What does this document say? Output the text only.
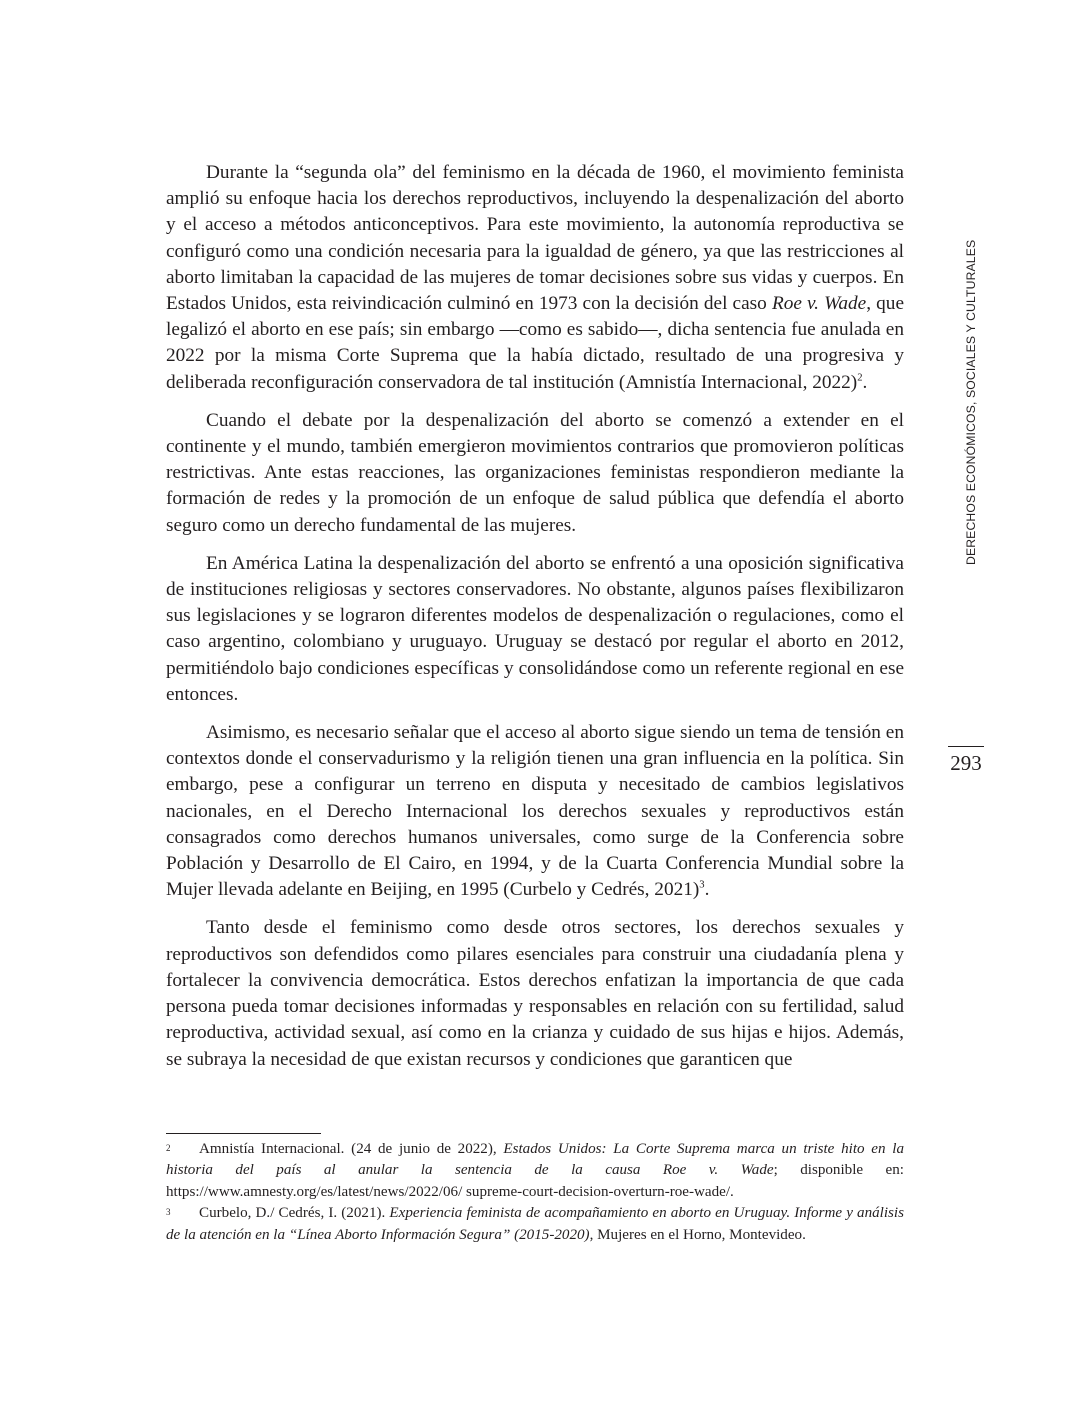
Durante la “segunda ola” del feminismo en la década de 1960, el movimiento feminista amplió su enfoque hacia los derechos reproductivos, incluyendo la despenalización del aborto y el acceso a métodos anticonceptivos. Para este movimiento, la autonomía reproductiva se configuró como una condición necesaria para la igualdad de género, ya que las restricciones al aborto limitaban la capacidad de las mujeres de tomar decisiones sobre sus vidas y cuerpos. En Estados Unidos, esta reivindicación culminó en 1973 con la decisión del caso Roe v. Wade, que legalizó el aborto en ese país; sin embargo —como es sabido—, dicha sentencia fue anulada en 2022 por la misma Corte Suprema que la había dictado, resultado de una progresiva y deliberada reconfiguración conservadora de tal institución (Amnistía Internacional, 2022)$^2$.

Cuando el debate por la despenalización del aborto se comenzó a extender en el continente y el mundo, también emergieron movimientos contrarios que promovieron políticas restrictivas. Ante estas reacciones, las organizaciones feministas respondieron mediante la formación de redes y la promoción de un enfoque de salud pública que defendía el aborto seguro como un derecho fundamental de las mujeres.

En América Latina la despenalización del aborto se enfrentó a una oposición significativa de instituciones religiosas y sectores conservadores. No obstante, algunos países flexibilizaron sus legislaciones y se lograron diferentes modelos de despenalización o regulaciones, como el caso argentino, colombiano y uruguayo. Uruguay se destacó por regular el aborto en 2012, permitiéndolo bajo condiciones específicas y consolidándose como un referente regional en ese entonces.

Asimismo, es necesario señalar que el acceso al aborto sigue siendo un tema de tensión en contextos donde el conservadurismo y la religión tienen una gran influencia en la política. Sin embargo, pese a configurar un terreno en disputa y necesitado de cambios legislativos nacionales, en el Derecho Internacional los derechos sexuales y reproductivos están consagrados como derechos humanos universales, como surge de la Conferencia sobre Población y Desarrollo de El Cairo, en 1994, y de la Cuarta Conferencia Mundial sobre la Mujer llevada adelante en Beijing, en 1995 (Curbelo y Cedrés, 2021)$^3$.

Tanto desde el feminismo como desde otros sectores, los derechos sexuales y reproductivos son defendidos como pilares esenciales para construir una ciudadanía plena y fortalecer la convivencia democrática. Estos derechos enfatizan la importancia de que cada persona pueda tomar decisiones informadas y responsables en relación con su fertilidad, salud reproductiva, actividad sexual, así como en la crianza y cuidado de sus hijas e hijos. Además, se subraya la necesidad de que existan recursos y condiciones que garanticen que

DERECHOS ECONÓMICOS, SOCIALES Y CULTURALES
293

2 Amnistía Internacional. (24 de junio de 2022), Estados Unidos: La Corte Suprema marca un triste hito en la historia del país al anular la sentencia de la causa Roe v. Wade; disponible en: https://www.amnesty.org/es/latest/news/2022/06/ supreme-court-decision-overturn-roe-wade/.

3 Curbelo, D./ Cedrés, I. (2021). Experiencia feminista de acompañamiento en aborto en Uruguay. Informe y análisis de la atención en la “Línea Aborto Información Segura” (2015-2020), Mujeres en el Horno, Montevideo.
